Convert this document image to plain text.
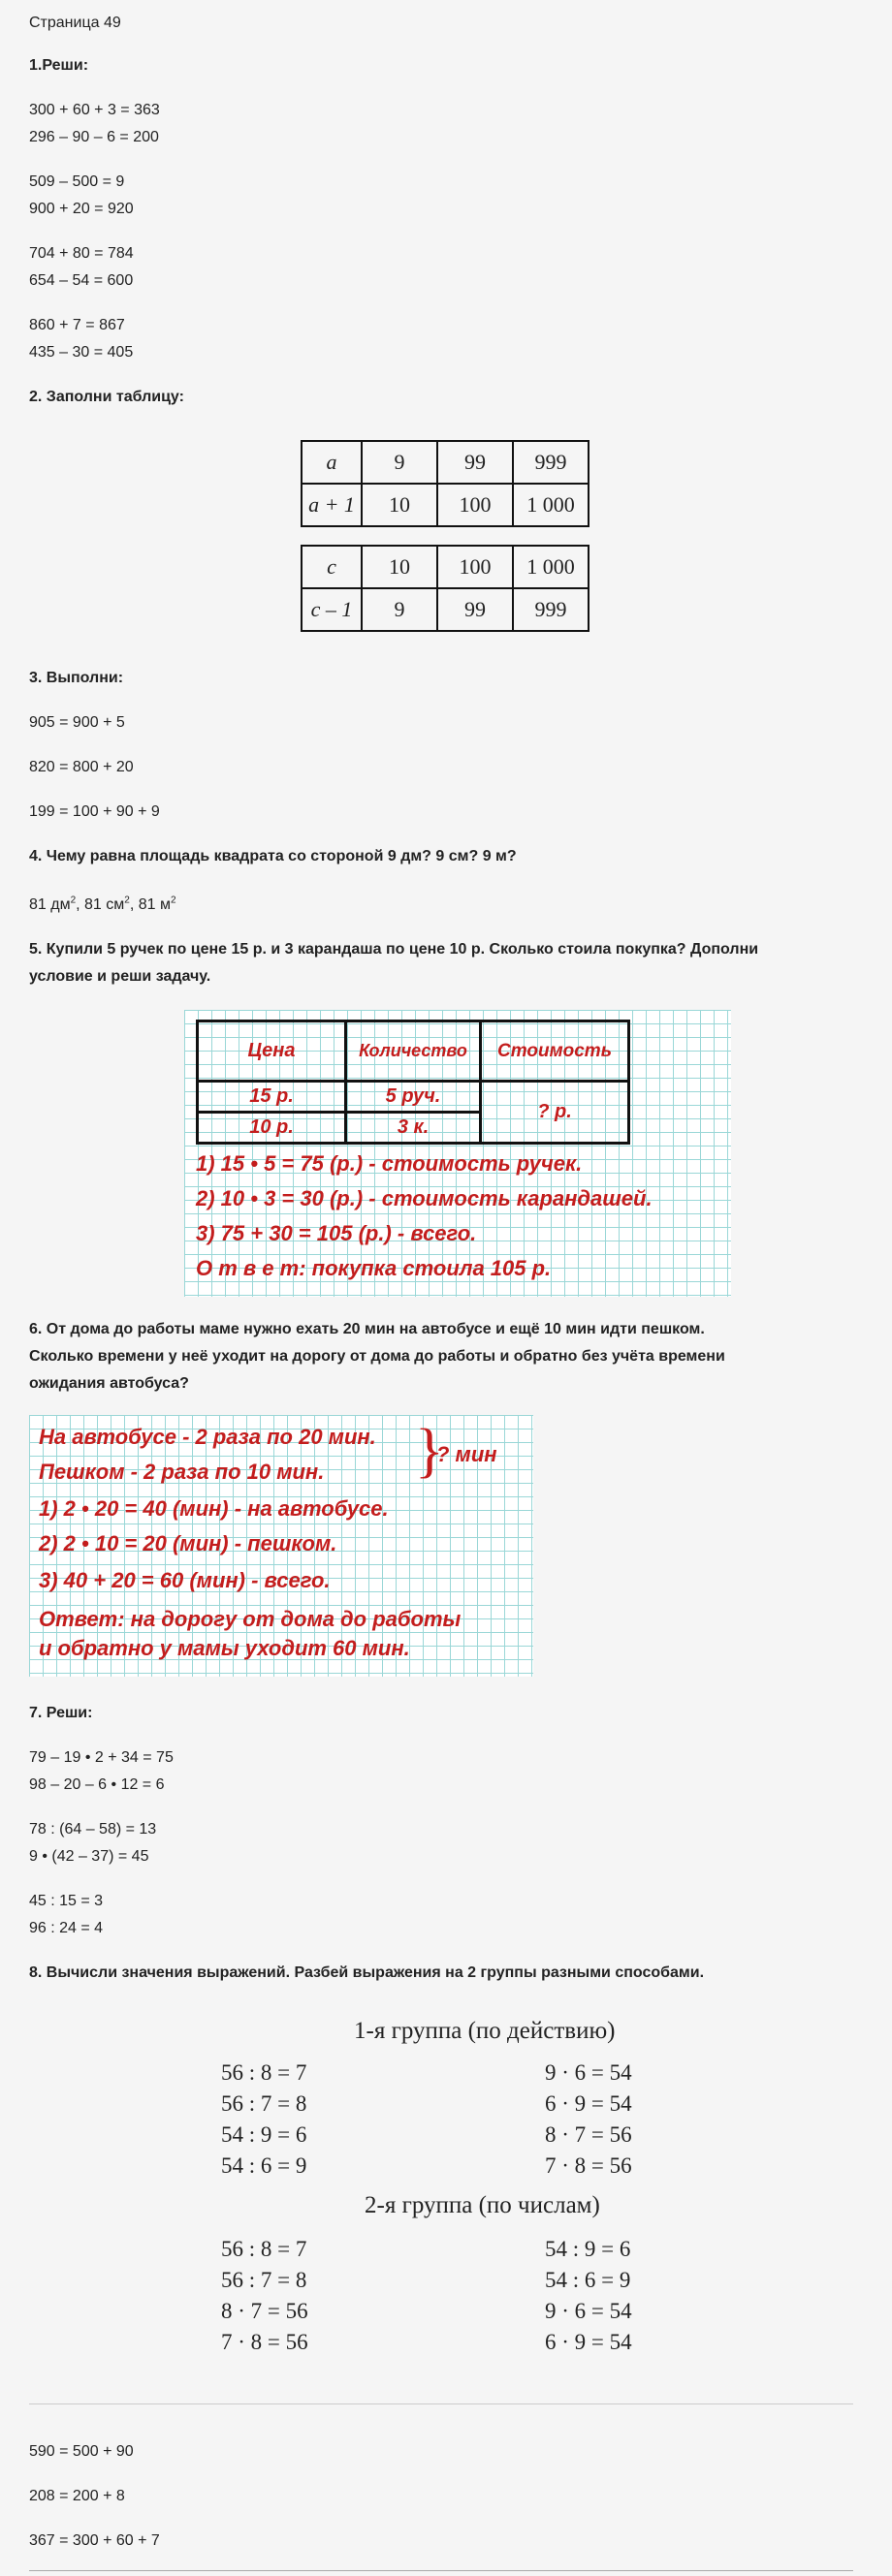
Страница 49
1.Реши:
300 + 60 + 3 = 363
296 – 90 – 6 = 200
509 – 500 = 9
900 + 20 = 920
704 + 80 = 784
654 – 54 = 600
860 + 7 = 867
435 – 30 = 405
2. Заполни таблицу:
a	9	99	999
a + 1	10	100	1 000
c	10	100	1 000
c – 1	9	99	999
3. Выполни:
905 = 900 + 5
820 = 800 + 20
199 = 100 + 90 + 9
4. Чему равна площадь квадрата со стороной 9 дм? 9 см? 9 м?
81 $дм^2$, 81 $см^2$, 81 $м^2$
5. Купили 5 ручек по цене 15 р. и 3 карандаша по цене 10 р. Сколько стоила покупка? Дополни
условие и реши задачу.
Цена	Количество	Стоимость
15 р.	5 руч.	? р.
10 р.	3 к.	
1) 15 • 5 = 75 (р.) - стоимость ручек.
2) 10 • 3 = 30 (р.) - стоимость карандашей.
3) 75 + 30 = 105 (р.) - всего.
О т в е т: покупка стоила 105 р.
6. От дома до работы маме нужно ехать 20 мин на автобусе и ещё 10 мин идти пешком.
Сколько времени у неё уходит на дорогу от дома до работы и обратно без учёта времени
ожидания автобуса?
На автобусе - 2 раза по 20 мин.
Пешком - 2 раза по 10 мин. }
? мин
1) 2 • 20 = 40 (мин) - на автобусе.
2) 2 • 10 = 20 (мин) - пешком.
3) 40 + 20 = 60 (мин) - всего.
Ответ: на дорогу от дома до работы
и обратно у мамы уходит 60 мин.
7. Реши:
79 – 19 • 2 + 34 = 75
98 – 20 – 6 • 12 = 6
78 : (64 – 58) = 13
9 • (42 – 37) = 45
45 : 15 = 3
96 : 24 = 4
8. Вычисли значения выражений. Разбей выражения на 2 группы разными способами.
1-я группа (по действию)
56 : 8 = 7
56 : 7 = 8
54 : 9 = 6
54 : 6 = 9
9 · 6 = 54
6 · 9 = 54
8 · 7 = 56
7 · 8 = 56
2-я группа (по числам)
56 : 8 = 7
56 : 7 = 8
8 · 7 = 56
7 · 8 = 56
54 : 9 = 6
54 : 6 = 9
9 · 6 = 54
6 · 9 = 54
590 = 500 + 90
208 = 200 + 8
367 = 300 + 60 + 7
